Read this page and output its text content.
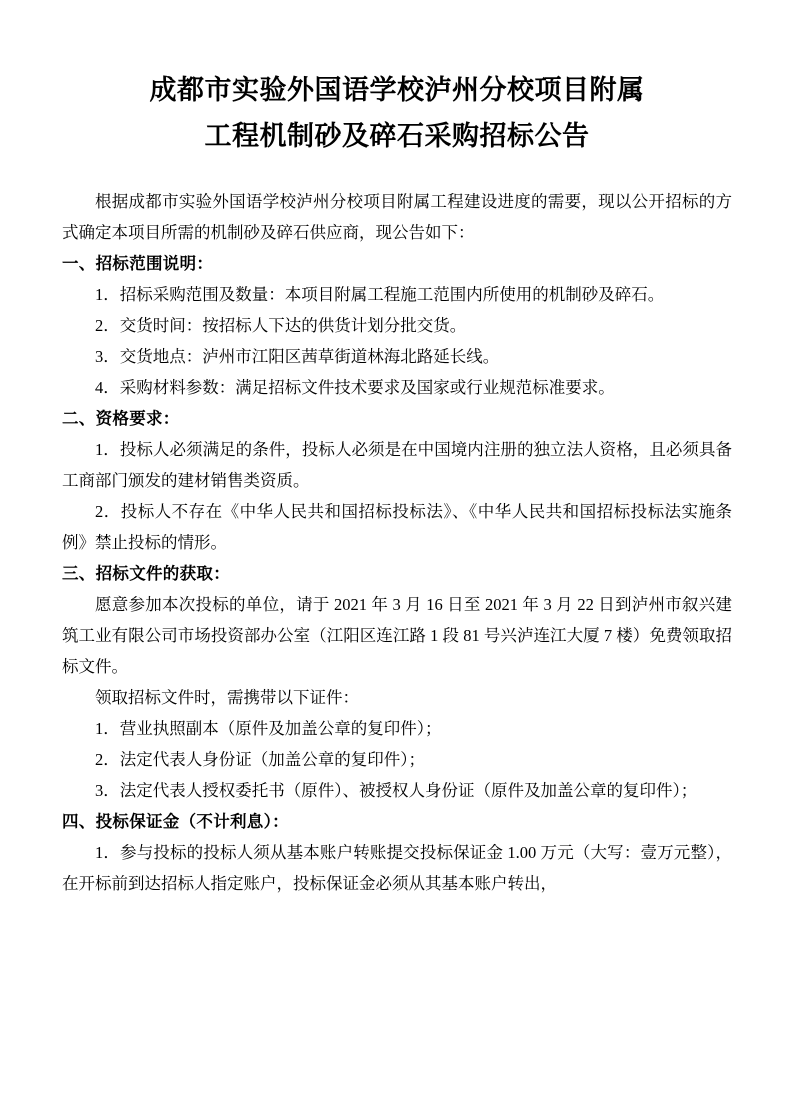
成都市实验外国语学校泸州分校项目附属
工程机制砂及碎石采购招标公告

根据成都市实验外国语学校泸州分校项目附属工程建设进度的需要，现以公开招标的方式确定本项目所需的机制砂及碎石供应商，现公告如下：

一、招标范围说明：

1．招标采购范围及数量：本项目附属工程施工范围内所使用的机制砂及碎石。

2．交货时间：按招标人下达的供货计划分批交货。

3．交货地点：泸州市江阳区茜草街道林海北路延长线。

4．采购材料参数：满足招标文件技术要求及国家或行业规范标准要求。

二、资格要求：

1．投标人必须满足的条件，投标人必须是在中国境内注册的独立法人资格，且必须具备工商部门颁发的建材销售类资质。

2．投标人不存在《中华人民共和国招标投标法》、《中华人民共和国招标投标法实施条例》禁止投标的情形。

三、招标文件的获取：

愿意参加本次投标的单位，请于 2021 年 3 月 16 日至 2021 年 3 月 22 日到泸州市叙兴建筑工业有限公司市场投资部办公室（江阳区连江路 1 段 81 号兴泸连江大厦 7 楼）免费领取招标文件。

领取招标文件时，需携带以下证件：

1．营业执照副本（原件及加盖公章的复印件）；

2．法定代表人身份证（加盖公章的复印件）；

3．法定代表人授权委托书（原件）、被授权人身份证（原件及加盖公章的复印件）；

四、投标保证金（不计利息）：

1．参与投标的投标人须从基本账户转账提交投标保证金 1.00 万元（大写：壹万元整），在开标前到达招标人指定账户，投标保证金必须从其基本账户转出，
